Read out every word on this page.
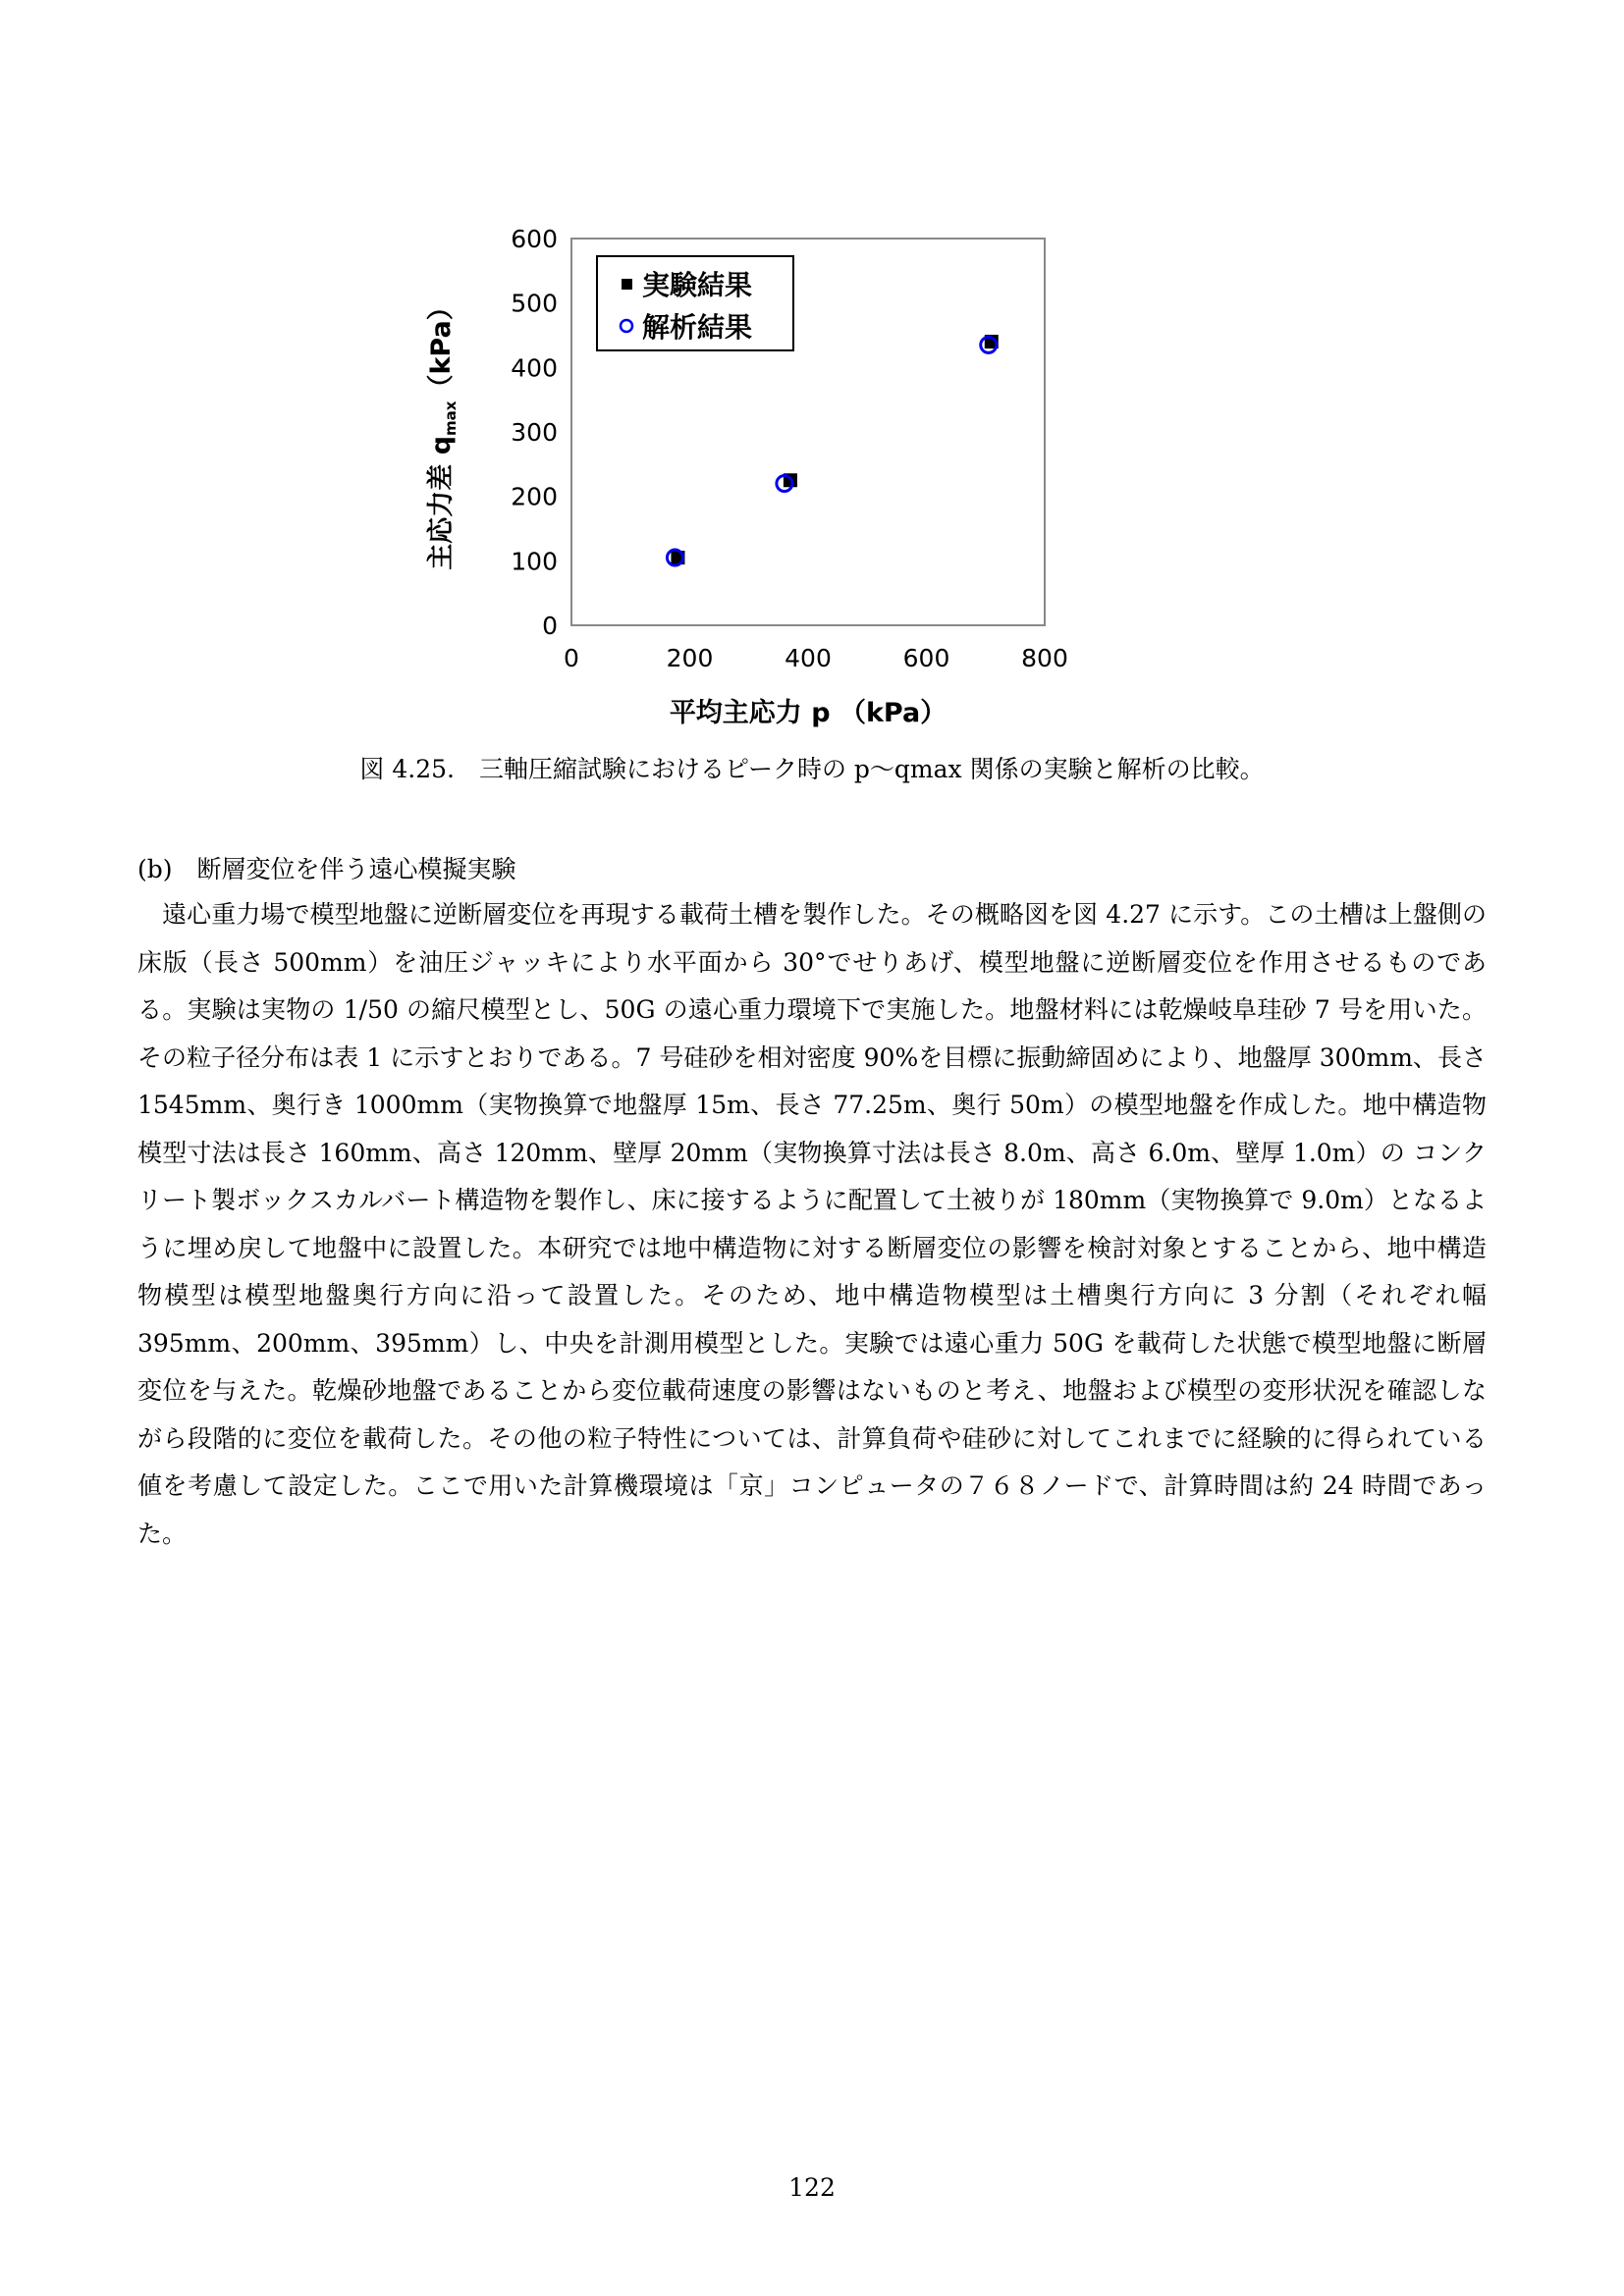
0
100
200
300
400
500
600
0	200	400	600	800
実験結果
解析結果
平均主応力 p （kPa）
主応力差 $q_{max}(kPa)$
図 4.25.　三軸圧縮試験におけるピーク時の p～qmax 関係の実験と解析の比較。
(b)　断層変位を伴う遠心模擬実験

　遠心重力場で模型地盤に逆断層変位を再現する載荷土槽を製作した。その概略図を図 4.27 に示す。この土槽は上盤側の床版（長さ 500mm）を油圧ジャッキにより水平面から 30°でせりあげ、模型地盤に逆断層変位を作用させるものである。実験は実物の 1/50 の縮尺模型とし、50G の遠心重力環境下で実施した。地盤材料には乾燥岐阜珪砂 7 号を用いた。その粒子径分布は表 1 に示すとおりである。7 号硅砂を相対密度 90%を目標に振動締固めにより、地盤厚 300mm、長さ 1545mm、奥行き 1000mm（実物換算で地盤厚 15m、長さ 77.25m、奥行 50m）の模型地盤を作成した。地中構造物模型寸法は長さ 160mm、高さ 120mm、壁厚 20mm（実物換算寸法は長さ 8.0m、高さ 6.0m、壁厚 1.0m）の コンクリート製ボックスカルバート構造物を製作し、床に接するように配置して土被りが 180mm（実物換算で 9.0m）となるように埋め戻して地盤中に設置した。本研究では地中構造物に対する断層変位の影響を検討対象とすることから、地中構造物模型は模型地盤奥行方向に沿って設置した。そのため、地中構造物模型は土槽奥行方向に 3 分割（それぞれ幅 395mm、200mm、395mm）し、中央を計測用模型とした。実験では遠心重力 50G を載荷した状態で模型地盤に断層変位を与えた。乾燥砂地盤であることから変位載荷速度の影響はないものと考え、地盤および模型の変形状況を確認しながら段階的に変位を載荷した。その他の粒子特性については、計算負荷や硅砂に対してこれまでに経験的に得られている値を考慮して設定した。ここで用いた計算機環境は「京」コンピュータの７６８ノードで、計算時間は約 24 時間であった。

122
